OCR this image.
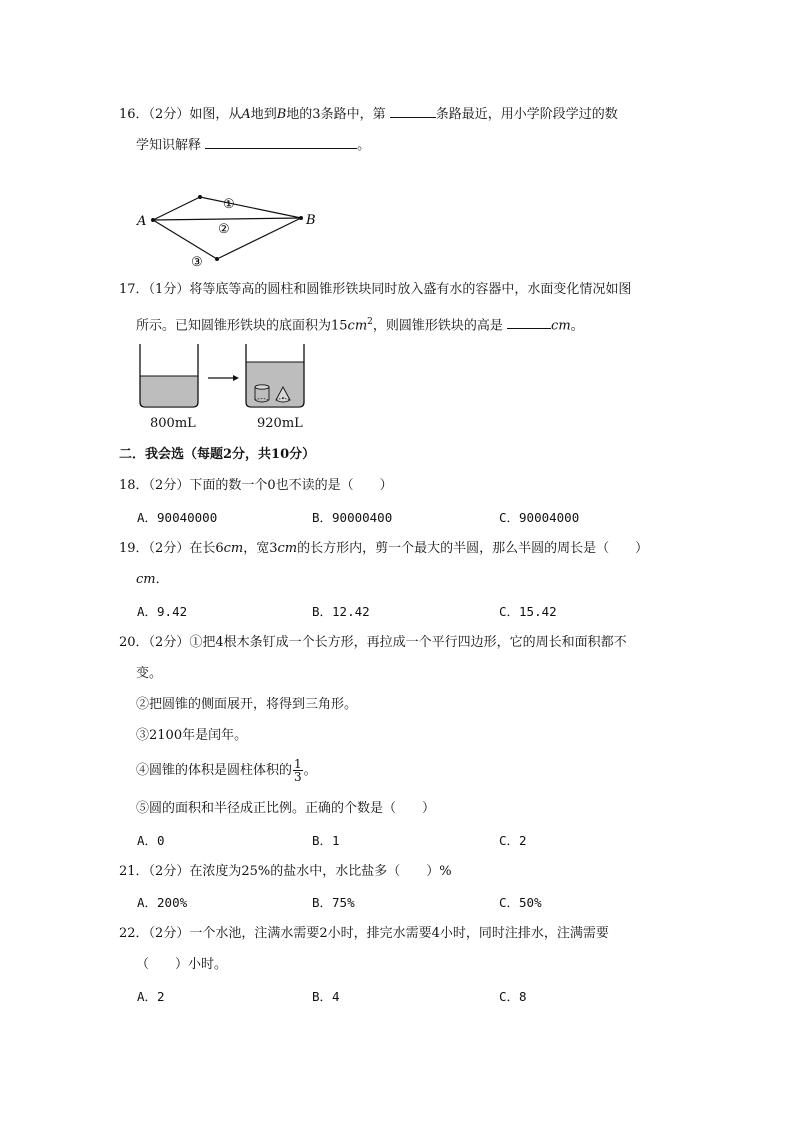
16．（2分）如图，从A地到B地的3条路中，第	条路最近，用小学阶段学过的数
学知识解释	。
A	B
①
②
③
17．（1分）将等底等高的圆柱和圆锥形铁块同时放入盛有水的容器中，水面变化情况如图
所示。已知圆锥形铁块的底面积为$15cm^2$，则圆锥形铁块的高是	cm。
800mL	920mL
二．我会选（每题2分，共10分）
18．（2分）下面的数一个0也不读的是（　　）
A．90040000	B．90000400	C．90004000
19．（2分）在长6cm，宽3cm的长方形内，剪一个最大的半圆，那么半圆的周长是（　　）
cm．
A．9.42	B．12.42	C．15.42
20．（2分）①把4根木条钉成一个长方形，再拉成一个平行四边形，它的周长和面积都不
变。
②把圆锥的侧面展开，将得到三角形。
③2100年是闰年。
④圆锥的体积是圆柱体积的 $\frac{1}{3}$ 。
⑤圆的面积和半径成正比例。正确的个数是（　　）
A．0	B．1	C．2
21．（2分）在浓度为25%的盐水中，水比盐多（　　）%
A．200%	B．75%	C．50%
22．（2分）一个水池，注满水需要2小时，排完水需要4小时，同时注排水，注满需要
（　　）小时。
A．2	B．4	C．8
